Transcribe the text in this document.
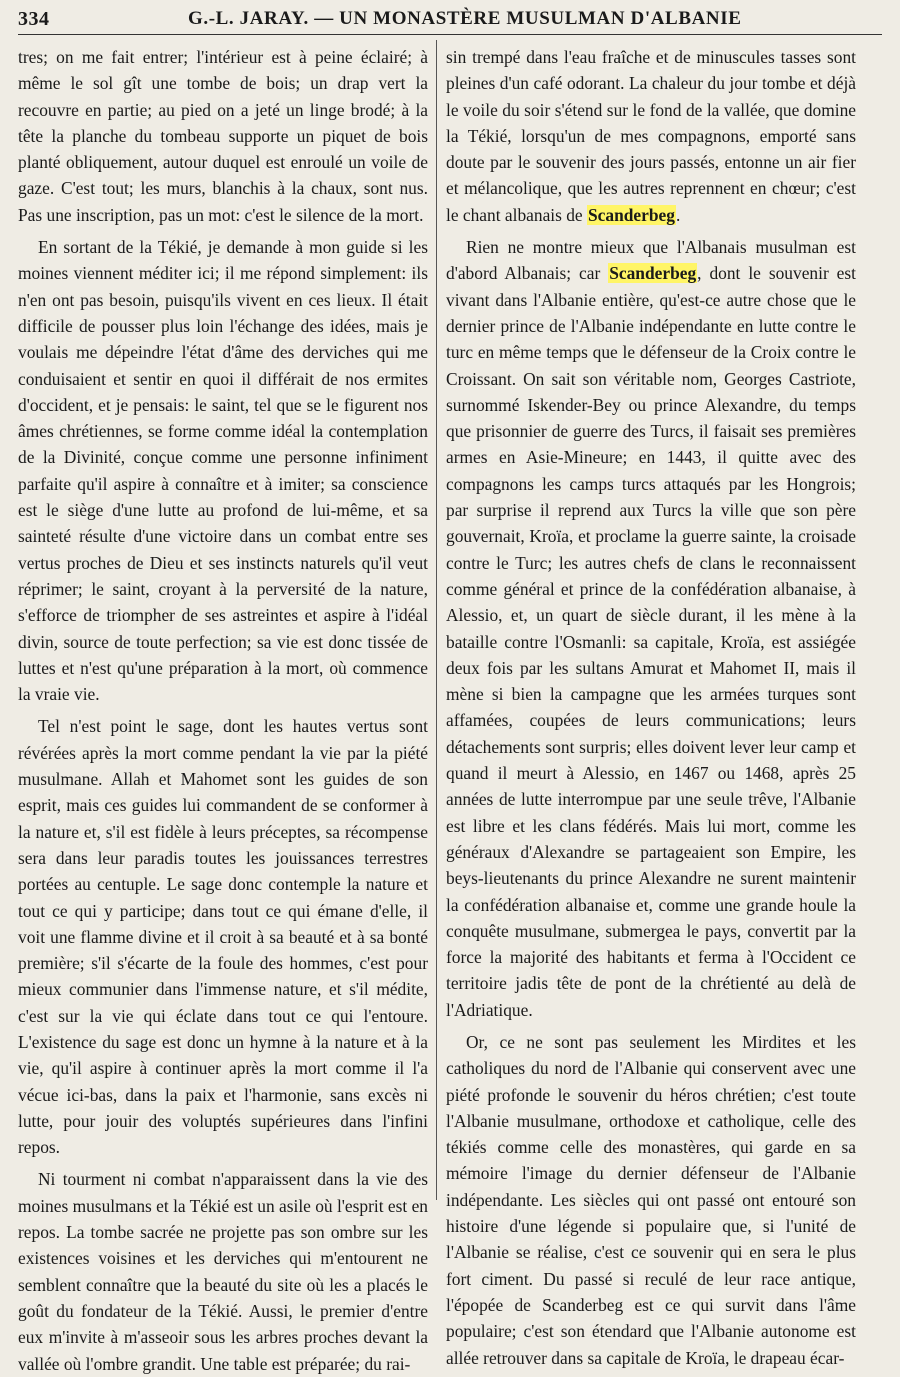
334	G.-L. JARAY. — UN MONASTÈRE MUSULMAN D'ALBANIE

tres; on me fait entrer; l'intérieur est à peine éclairé; à même le sol gît une tombe de bois; un drap vert la recouvre en partie; au pied on a jeté un linge brodé; à la tête la planche du tombeau supporte un piquet de bois planté obliquement, autour duquel est enroulé un voile de gaze. C'est tout; les murs, blanchis à la chaux, sont nus. Pas une inscription, pas un mot: c'est le silence de la mort.

En sortant de la Tékié, je demande à mon guide si les moines viennent méditer ici; il me répond simplement: ils n'en ont pas besoin, puisqu'ils vivent en ces lieux. Il était difficile de pousser plus loin l'échange des idées, mais je voulais me dépeindre l'état d'âme des derviches qui me conduisaient et sentir en quoi il différait de nos ermites d'occident, et je pensais: le saint, tel que se le figurent nos âmes chrétiennes, se forme comme idéal la contemplation de la Divinité, conçue comme une personne infiniment parfaite qu'il aspire à connaître et à imiter; sa conscience est le siège d'une lutte au profond de lui-même, et sa sainteté résulte d'une victoire dans un combat entre ses vertus proches de Dieu et ses instincts naturels qu'il veut réprimer; le saint, croyant à la perversité de la nature, s'efforce de triompher de ses astreintes et aspire à l'idéal divin, source de toute perfection; sa vie est donc tissée de luttes et n'est qu'une préparation à la mort, où commence la vraie vie.

Tel n'est point le sage, dont les hautes vertus sont révérées après la mort comme pendant la vie par la piété musulmane. Allah et Mahomet sont les guides de son esprit, mais ces guides lui commandent de se conformer à la nature et, s'il est fidèle à leurs préceptes, sa récompense sera dans leur paradis toutes les jouissances terrestres portées au centuple. Le sage donc contemple la nature et tout ce qui y participe; dans tout ce qui émane d'elle, il voit une flamme divine et il croit à sa beauté et à sa bonté première; s'il s'écarte de la foule des hommes, c'est pour mieux communier dans l'immense nature, et s'il médite, c'est sur la vie qui éclate dans tout ce qui l'entoure. L'existence du sage est donc un hymne à la nature et à la vie, qu'il aspire à continuer après la mort comme il l'a vécue ici-bas, dans la paix et l'harmonie, sans excès ni lutte, pour jouir des voluptés supérieures dans l'infini repos.

Ni tourment ni combat n'apparaissent dans la vie des moines musulmans et la Tékié est un asile où l'esprit est en repos. La tombe sacrée ne projette pas son ombre sur les existences voisines et les derviches qui m'entourent ne semblent connaître que la beauté du site où les a placés le goût du fondateur de la Tékié. Aussi, le premier d'entre eux m'invite à m'asseoir sous les arbres proches devant la vallée où l'ombre grandit. Une table est préparée; du rai-

sin trempé dans l'eau fraîche et de minuscules tasses sont pleines d'un café odorant. La chaleur du jour tombe et déjà le voile du soir s'étend sur le fond de la vallée, que domine la Tékié, lorsqu'un de mes compagnons, emporté sans doute par le souvenir des jours passés, entonne un air fier et mélancolique, que les autres reprennent en chœur; c'est le chant albanais de Scanderbeg.

Rien ne montre mieux que l'Albanais musulman est d'abord Albanais; car Scanderbeg, dont le souvenir est vivant dans l'Albanie entière, qu'est-ce autre chose que le dernier prince de l'Albanie indépendante en lutte contre le turc en même temps que le défenseur de la Croix contre le Croissant. On sait son véritable nom, Georges Castriote, surnommé Iskender-Bey ou prince Alexandre, du temps que prisonnier de guerre des Turcs, il faisait ses premières armes en Asie-Mineure; en 1443, il quitte avec des compagnons les camps turcs attaqués par les Hongrois; par surprise il reprend aux Turcs la ville que son père gouvernait, Kroïa, et proclame la guerre sainte, la croisade contre le Turc; les autres chefs de clans le reconnaissent comme général et prince de la confédération albanaise, à Alessio, et, un quart de siècle durant, il les mène à la bataille contre l'Osmanli: sa capitale, Kroïa, est assiégée deux fois par les sultans Amurat et Mahomet II, mais il mène si bien la campagne que les armées turques sont affamées, coupées de leurs communications; leurs détachements sont surpris; elles doivent lever leur camp et quand il meurt à Alessio, en 1467 ou 1468, après 25 années de lutte interrompue par une seule trêve, l'Albanie est libre et les clans fédérés. Mais lui mort, comme les généraux d'Alexandre se partageaient son Empire, les beys-lieutenants du prince Alexandre ne surent maintenir la confédération albanaise et, comme une grande houle la conquête musulmane, submergea le pays, convertit par la force la majorité des habitants et ferma à l'Occident ce territoire jadis tête de pont de la chrétienté au delà de l'Adriatique.

Or, ce ne sont pas seulement les Mirdites et les catholiques du nord de l'Albanie qui conservent avec une piété profonde le souvenir du héros chrétien; c'est toute l'Albanie musulmane, orthodoxe et catholique, celle des tékiés comme celle des monastères, qui garde en sa mémoire l'image du dernier défenseur de l'Albanie indépendante. Les siècles qui ont passé ont entouré son histoire d'une légende si populaire que, si l'unité de l'Albanie se réalise, c'est ce souvenir qui en sera le plus fort ciment. Du passé si reculé de leur race antique, l'épopée de Scanderbeg est ce qui survit dans l'âme populaire; c'est son étendard que l'Albanie autonome est allée retrouver dans sa capitale de Kroïa, le drapeau écar-
